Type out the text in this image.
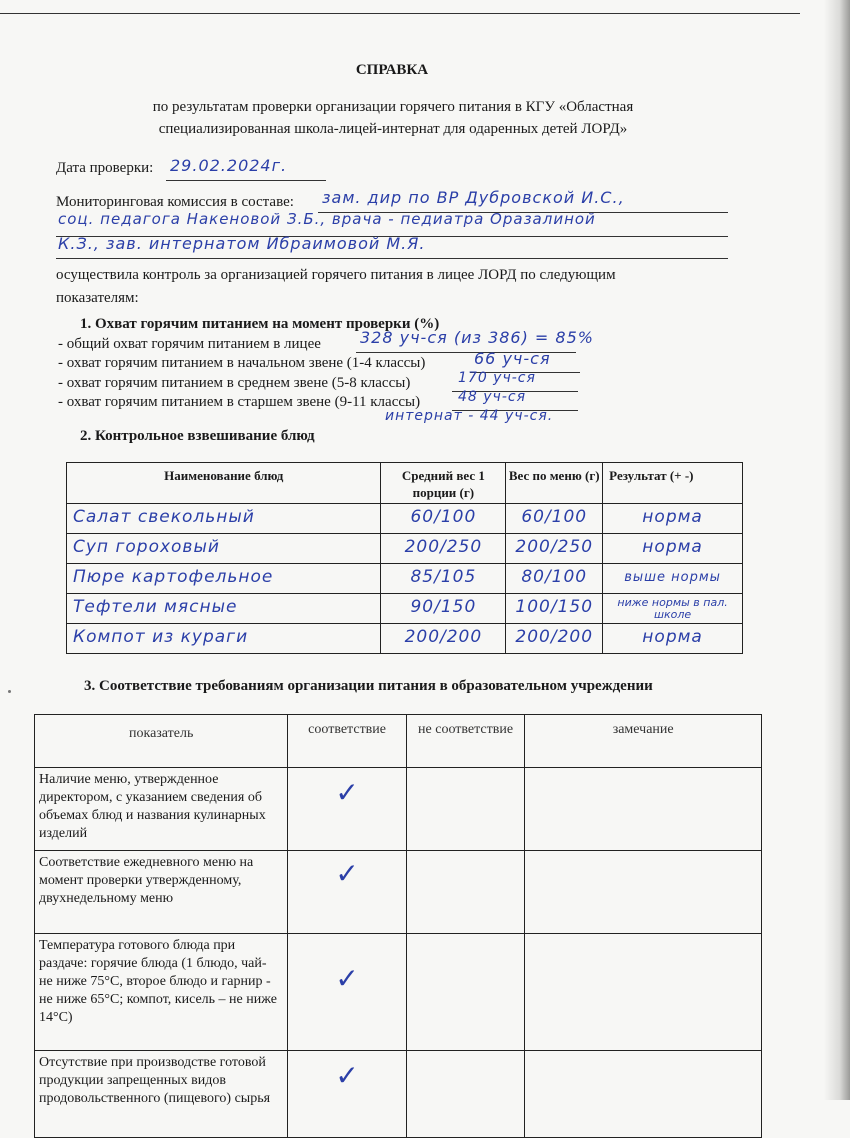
СПРАВКА
по результатам проверки организации горячего питания в КГУ «Областная
специализированная школа-лицей-интернат для одаренных детей ЛОРД»
Дата проверки: 29.02.2024г.
Мониторинговая комиссия в составе: зам. дир по ВР Дубровской И.С.,
соц. педагога Накеновой З.Б., врача - педиатра Оразалиной
К.З., зав. интернатом Ибраимовой М.Я.
осуществила контроль за организацией горячего питания в лицее ЛОРД по следующим
показателям:
1. Охват горячим питанием на момент проверки (%)
- общий охват горячим питанием в лицее 328 уч-ся (из 386) = 85%
- охват горячим питанием в начальном звене (1-4 классы)	66 уч-ся
- охват горячим питанием в среднем звене (5-8 классы)	170 уч-ся
- охват горячим питанием в старшем звене (9-11 классы)	48 уч-ся
интернат - 44 уч-ся.
2. Контрольное взвешивание блюд
Наименование блюд	Средний вес 1 порции (г)	Вес по меню (г)	Результат (+ -)

Салат свекольный	60/100	60/100	норма

Суп гороховый	200/250	200/250	норма

Пюре картофельное	85/105	80/100	выше нормы

Тефтели мясные	90/150	100/150	ниже нормы в пал. школе

Компот из кураги	200/200	200/200	норма
3. Соответствие требованиям организации питания в образовательном учреждении
показатель	соответствие	не соответствие	замечание
Наличие меню, утвержденное директором, с указанием сведения об объемах блюд и названия кулинарных изделий	✓		

Соответствие ежедневного меню на момент проверки утвержденному, двухнедельному меню	✓		

Температура готового блюда при раздаче: горячие блюда (1 блюдо, чай- не ниже 75°С, второе блюдо и гарнир - не ниже 65°С; компот, кисель – не ниже 14°С)	✓		

Отсутствие при производстве готовой продукции запрещенных видов продовольственного (пищевого) сырья	✓		
